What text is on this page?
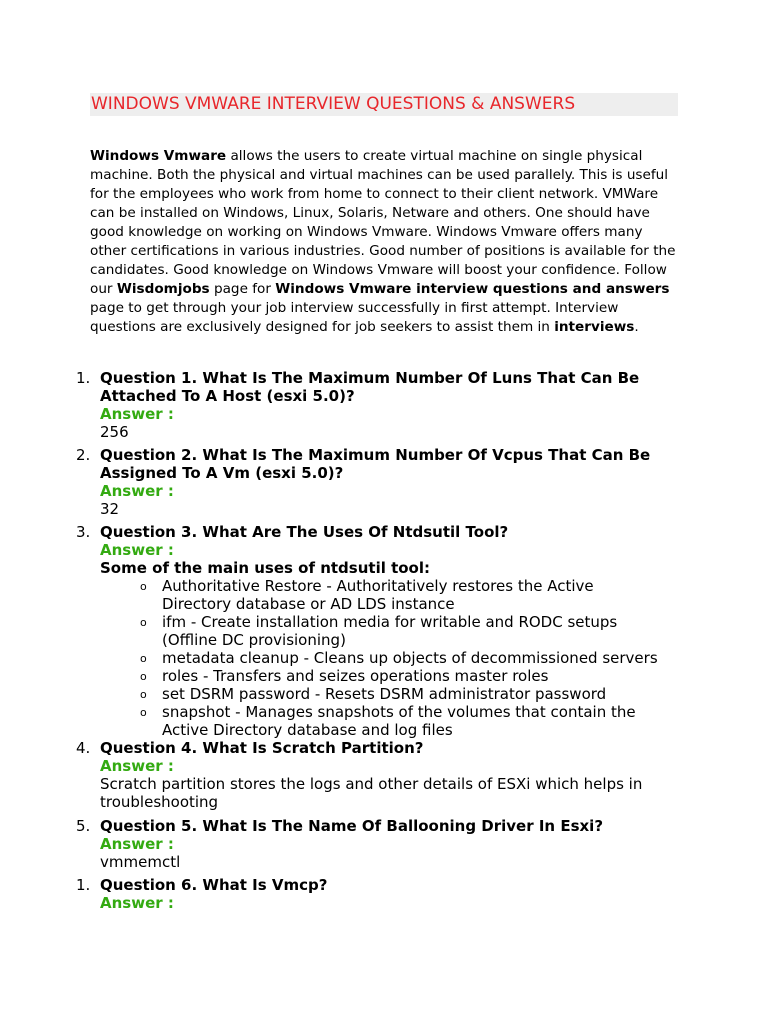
WINDOWS VMWARE INTERVIEW QUESTIONS & ANSWERS

Windows Vmware allows the users to create virtual machine on single physical machine. Both the physical and virtual machines can be used parallely. This is useful for the employees who work from home to connect to their client network. VMWare can be installed on Windows, Linux, Solaris, Netware and others. One should have good knowledge on working on Windows Vmware. Windows Vmware offers many other certifications in various industries. Good number of positions is available for the candidates. Good knowledge on Windows Vmware will boost your confidence. Follow our Wisdomjobs page for Windows Vmware interview questions and answers page to get through your job interview successfully in first attempt. Interview questions are exclusively designed for job seekers to assist them in interviews.

1. Question 1. What Is The Maximum Number Of Luns That Can Be
Attached To A Host (esxi 5.0)?
Answer :
256
2. Question 2. What Is The Maximum Number Of Vcpus That Can Be
Assigned To A Vm (esxi 5.0)?
Answer :
32
3. Question 3. What Are The Uses Of Ntdsutil Tool?
Answer :
Some of the main uses of ntdsutil tool:
o Authoritative Restore - Authoritatively restores the Active
Directory database or AD LDS instance
o ifm - Create installation media for writable and RODC setups
(Offline DC provisioning)
o metadata cleanup - Cleans up objects of decommissioned servers
o roles - Transfers and seizes operations master roles
o set DSRM password - Resets DSRM administrator password
o snapshot - Manages snapshots of the volumes that contain the
Active Directory database and log files
4. Question 4. What Is Scratch Partition?
Answer :
Scratch partition stores the logs and other details of ESXi which helps in
troubleshooting
5. Question 5. What Is The Name Of Ballooning Driver In Esxi?
Answer :
vmmemctl
1. Question 6. What Is Vmcp?
Answer :
